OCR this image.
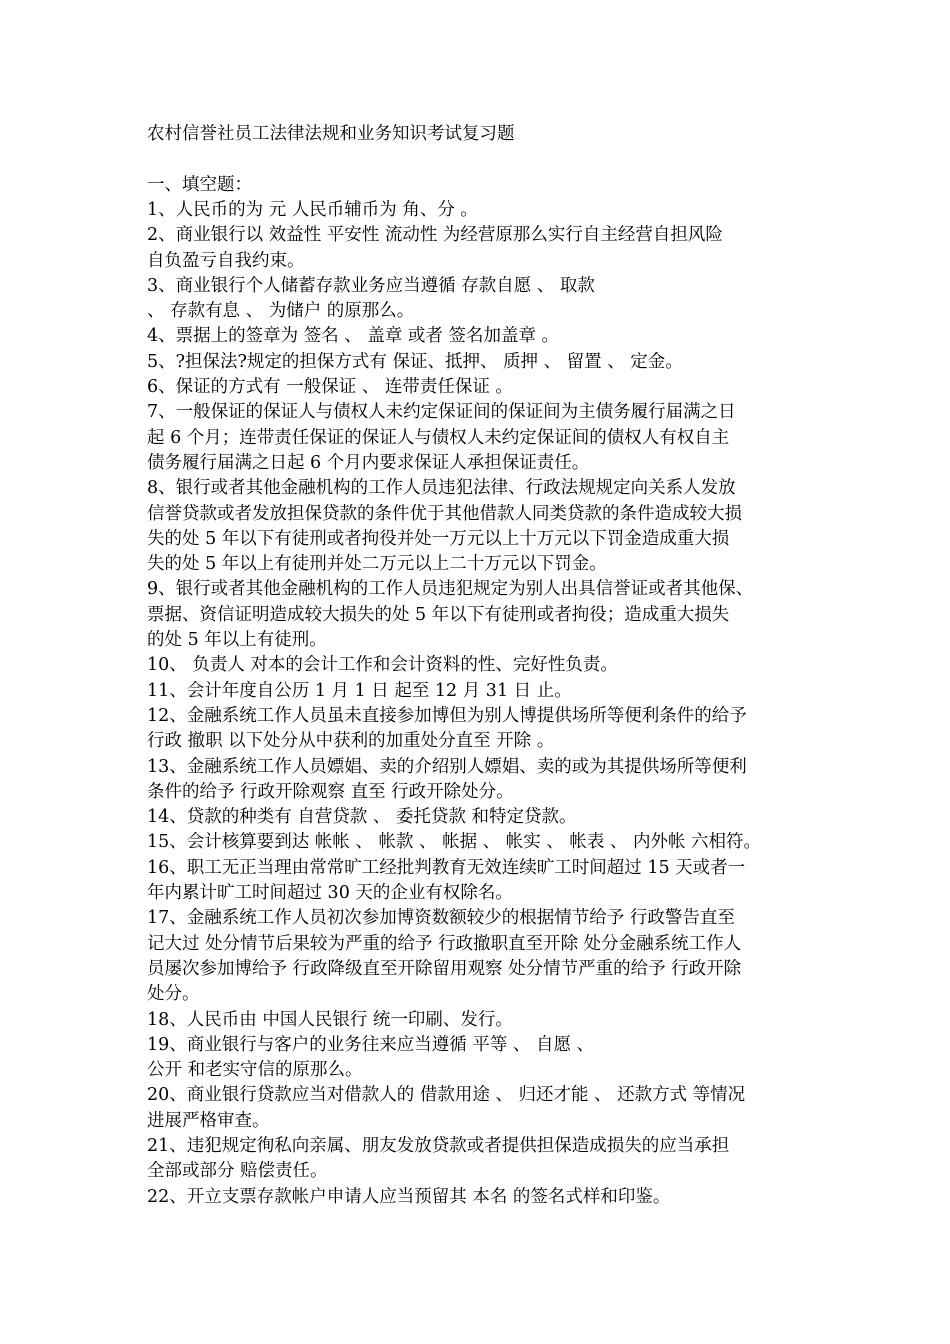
农村信誉社员工法律法规和业务知识考试复习题

一、填空题：

1、人民币的为 元 人民币辅币为 角、分 。

2、商业银行以 效益性 平安性 流动性 为经营原那么实行自主经营自担风险

自负盈亏自我约束。

3、商业银行个人储蓄存款业务应当遵循 存款自愿 、 取款

、 存款有息 、 为储户 的原那么。

4、票据上的签章为 签名 、 盖章 或者 签名加盖章 。

5、?担保法?规定的担保方式有 保证、抵押、 质押 、 留置 、 定金。

6、保证的方式有 一般保证 、 连带责任保证 。

7、一般保证的保证人与债权人未约定保证间的保证间为主债务履行届满之日

起 6 个月；连带责任保证的保证人与债权人未约定保证间的债权人有权自主

债务履行届满之日起 6 个月内要求保证人承担保证责任。

8、银行或者其他金融机构的工作人员违犯法律、行政法规规定向关系人发放

信誉贷款或者发放担保贷款的条件优于其他借款人同类贷款的条件造成较大损

失的处 5 年以下有徒刑或者拘役并处一万元以上十万元以下罚金造成重大损

失的处 5 年以上有徒刑并处二万元以上二十万元以下罚金。

9、银行或者其他金融机构的工作人员违犯规定为别人出具信誉证或者其他保、

票据、资信证明造成较大损失的处 5 年以下有徒刑或者拘役；造成重大损失

的处 5 年以上有徒刑。

10、 负责人 对本的会计工作和会计资料的性、完好性负责。

11、会计年度自公历 1 月 1 日 起至 12 月 31 日 止。

12、金融系统工作人员虽未直接参加博但为别人博提供场所等便利条件的给予

行政 撤职 以下处分从中获利的加重处分直至 开除 。

13、金融系统工作人员嫖娼、卖的介绍别人嫖娼、卖的或为其提供场所等便利

条件的给予 行政开除观察 直至 行政开除处分。

14、贷款的种类有 自营贷款 、 委托贷款 和特定贷款。

15、会计核算要到达 帐帐 、 帐款 、 帐据 、 帐实 、 帐表 、 内外帐 六相符。

16、职工无正当理由常常旷工经批判教育无效连续旷工时间超过 15 天或者一

年内累计旷工时间超过 30 天的企业有权除名。

17、金融系统工作人员初次参加博资数额较少的根据情节给予 行政警告直至

记大过 处分情节后果较为严重的给予 行政撤职直至开除 处分金融系统工作人

员屡次参加博给予 行政降级直至开除留用观察 处分情节严重的给予 行政开除

处分。

18、人民币由 中国人民银行 统一印刷、发行。

19、商业银行与客户的业务往来应当遵循 平等 、 自愿 、

公开 和老实守信的原那么。

20、商业银行贷款应当对借款人的 借款用途 、 归还才能 、 还款方式 等情况

进展严格审查。

21、违犯规定徇私向亲属、朋友发放贷款或者提供担保造成损失的应当承担

全部或部分 赔偿责任。

22、开立支票存款帐户申请人应当预留其 本名 的签名式样和印鉴。
